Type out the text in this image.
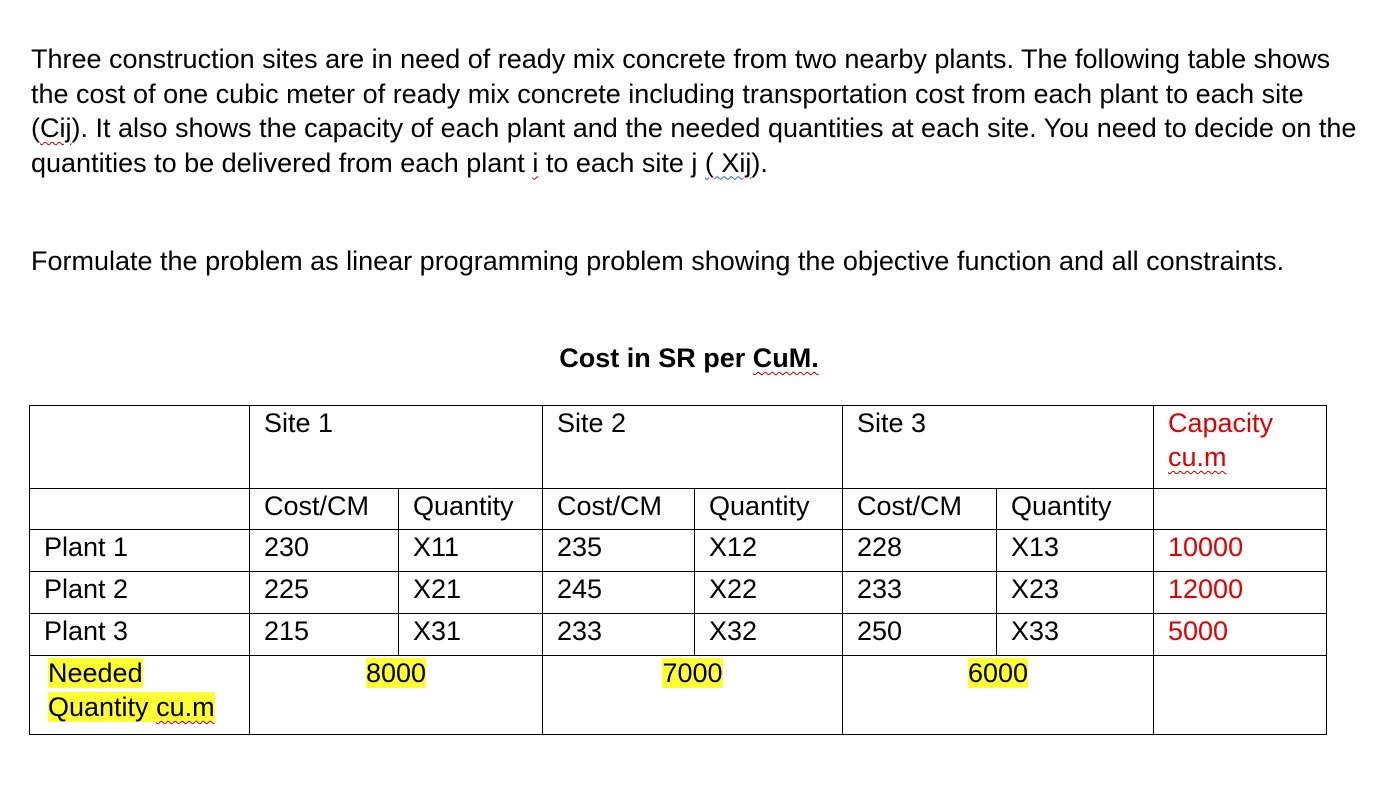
Three construction sites are in need of ready mix concrete from two nearby plants. The following table shows the cost of one cubic meter of ready mix concrete including transportation cost from each plant to each site (Cij). It also shows the capacity of each plant and the needed quantities at each site. You need to decide on the quantities to be delivered from each plant i to each site j ( Xij).

Formulate the problem as linear programming problem showing the objective function and all constraints.

Cost in SR per CuM.
	Site 1		Site 2		Site 3		Capacity
cu.m

	Cost/CM	Quantity	Cost/CM	Quantity	Cost/CM	Quantity	
Plant 1	230	X11	235	X12	228	X13	10000
Plant 2	225	X21	245	X22	233	X23	12000
Plant 3	215	X31	233	X32	250	X33	5000

Needed
Quantity cu.m	8000		7000		6000		
